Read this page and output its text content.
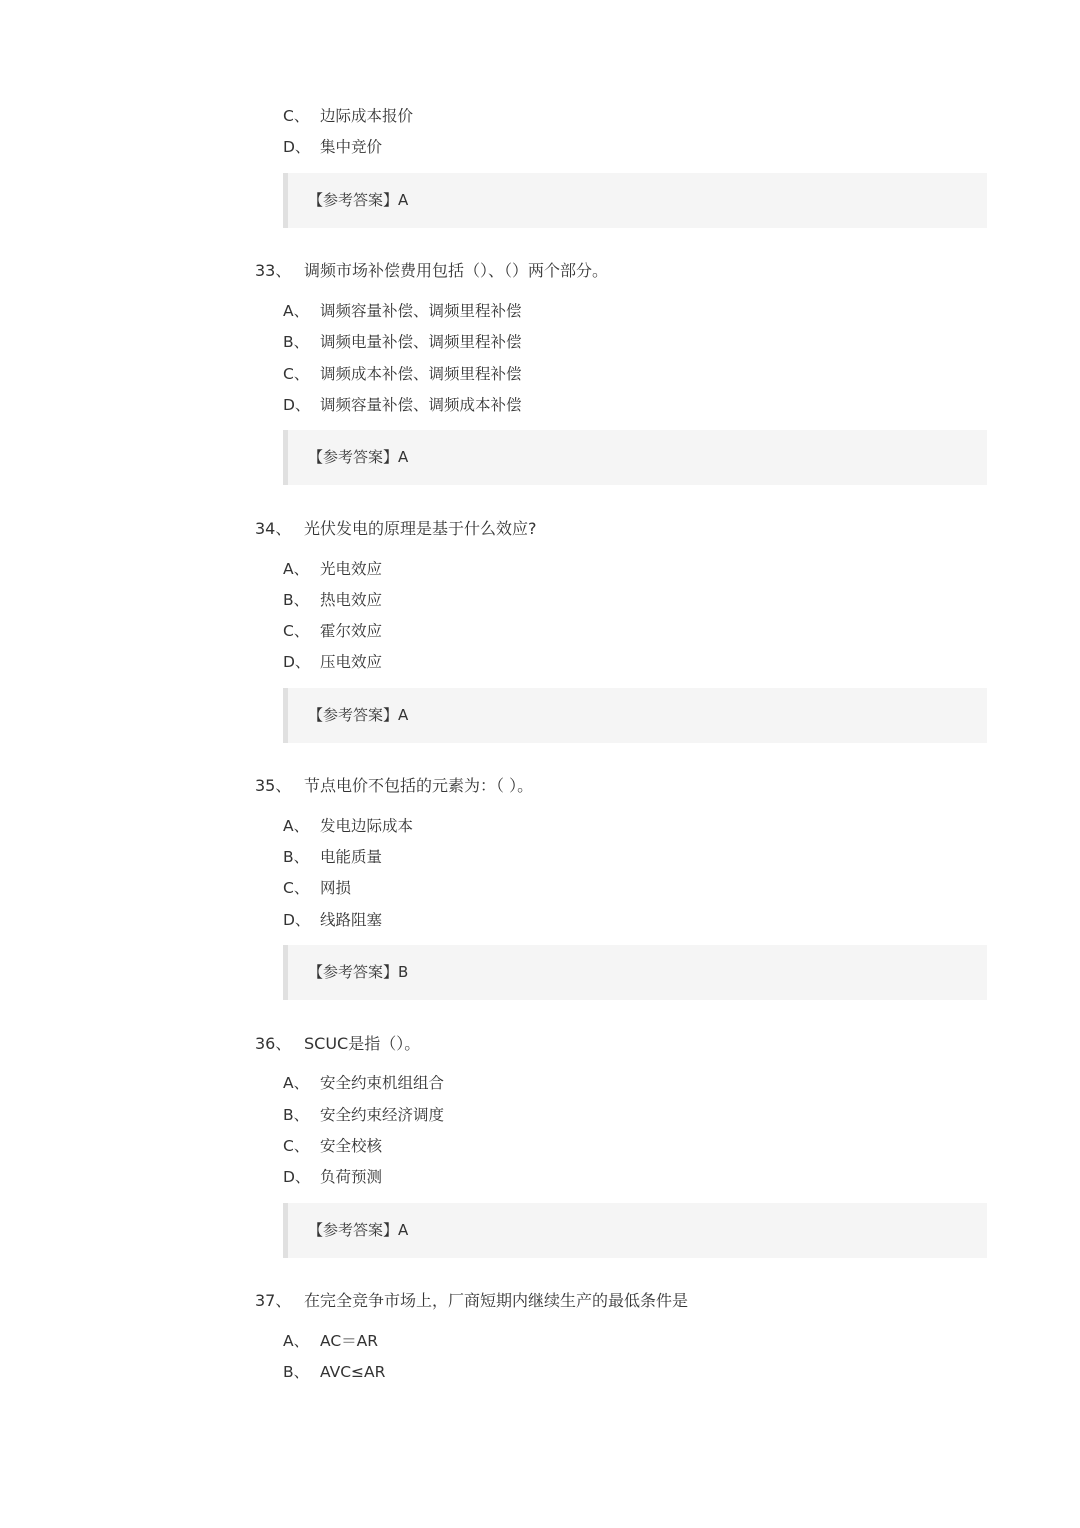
C、 边际成本报价
D、 集中竞价
【参考答案】A
33、 调频市场补偿费用包括（）、（）两个部分。
A、 调频容量补偿、调频里程补偿
B、 调频电量补偿、调频里程补偿
C、 调频成本补偿、调频里程补偿
D、 调频容量补偿、调频成本补偿
【参考答案】A
34、 光伏发电的原理是基于什么效应?
A、 光电效应
B、 热电效应
C、 霍尔效应
D、 压电效应
【参考答案】A
35、 节点电价不包括的元素为：（ ）。
A、 发电边际成本
B、 电能质量
C、 网损
D、 线路阻塞
【参考答案】B
36、 SCUC是指（）。
A、 安全约束机组组合
B、 安全约束经济调度
C、 安全校核
D、 负荷预测
【参考答案】A
37、 在完全竞争市场上，厂商短期内继续生产的最低条件是
A、 AC＝AR
B、 AVC≤AR
